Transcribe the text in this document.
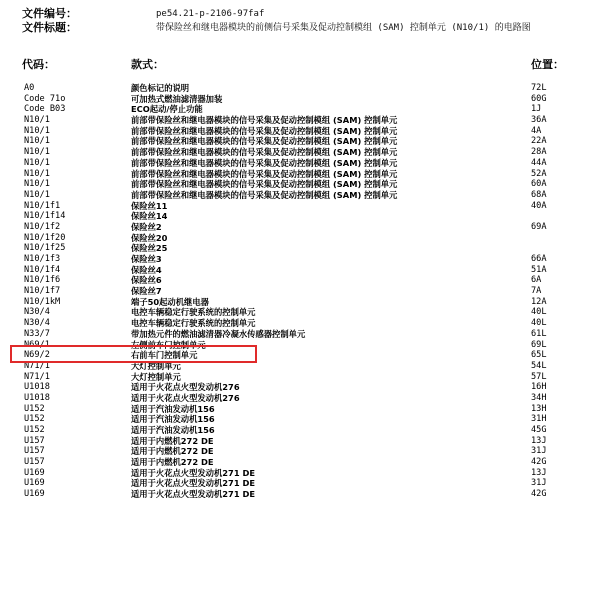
文件编号：	pe54.21-p-2106-97faf
文件标题：	带保险丝和继电器模块的前侧信号采集及促动控制模组 (SAM) 控制单元 (N10/1) 的电路图
代码：	款式：	位置：
A0	颜色标记的说明	72L
Code 71o	可加热式燃油滤清器加装	60G
Code B03	ECO起动/停止功能	1J
N10/1	前部带保险丝和继电器模块的信号采集及促动控制模组 (SAM) 控制单元	36A
N10/1	前部带保险丝和继电器模块的信号采集及促动控制模组 (SAM) 控制单元	4A
N10/1	前部带保险丝和继电器模块的信号采集及促动控制模组 (SAM) 控制单元	22A
N10/1	前部带保险丝和继电器模块的信号采集及促动控制模组 (SAM) 控制单元	28A
N10/1	前部带保险丝和继电器模块的信号采集及促动控制模组 (SAM) 控制单元	44A
N10/1	前部带保险丝和继电器模块的信号采集及促动控制模组 (SAM) 控制单元	52A
N10/1	前部带保险丝和继电器模块的信号采集及促动控制模组 (SAM) 控制单元	60A
N10/1	前部带保险丝和继电器模块的信号采集及促动控制模组 (SAM) 控制单元	68A
N10/1f1	保险丝11	40A
N10/1f14	保险丝14
N10/1f2	保险丝2	69A
N10/1f20	保险丝20
N10/1f25	保险丝25
N10/1f3	保险丝3	66A
N10/1f4	保险丝4	51A
N10/1f6	保险丝6	6A
N10/1f7	保险丝7	7A
N10/1kM	端子50起动机继电器	12A
N30/4	电控车辆稳定行驶系统的控制单元	40L
N30/4	电控车辆稳定行驶系统的控制单元	40L
N33/7	带加热元件的燃油滤清器冷凝水传感器控制单元	61L
N69/1	左侧前车门控制单元	69L
N69/2	右前车门控制单元	65L
N71/1	大灯控制单元	54L
N71/1	大灯控制单元	57L
U1018	适用于火花点火型发动机276	16H
U1018	适用于火花点火型发动机276	34H
U152	适用于汽油发动机156	13H
U152	适用于汽油发动机156	31H
U152	适用于汽油发动机156	45G
U157	适用于内燃机272 DE	13J
U157	适用于内燃机272 DE	31J
U157	适用于内燃机272 DE	42G
U169	适用于火花点火型发动机271 DE	13J
U169	适用于火花点火型发动机271 DE	31J
U169	适用于火花点火型发动机271 DE	42G
